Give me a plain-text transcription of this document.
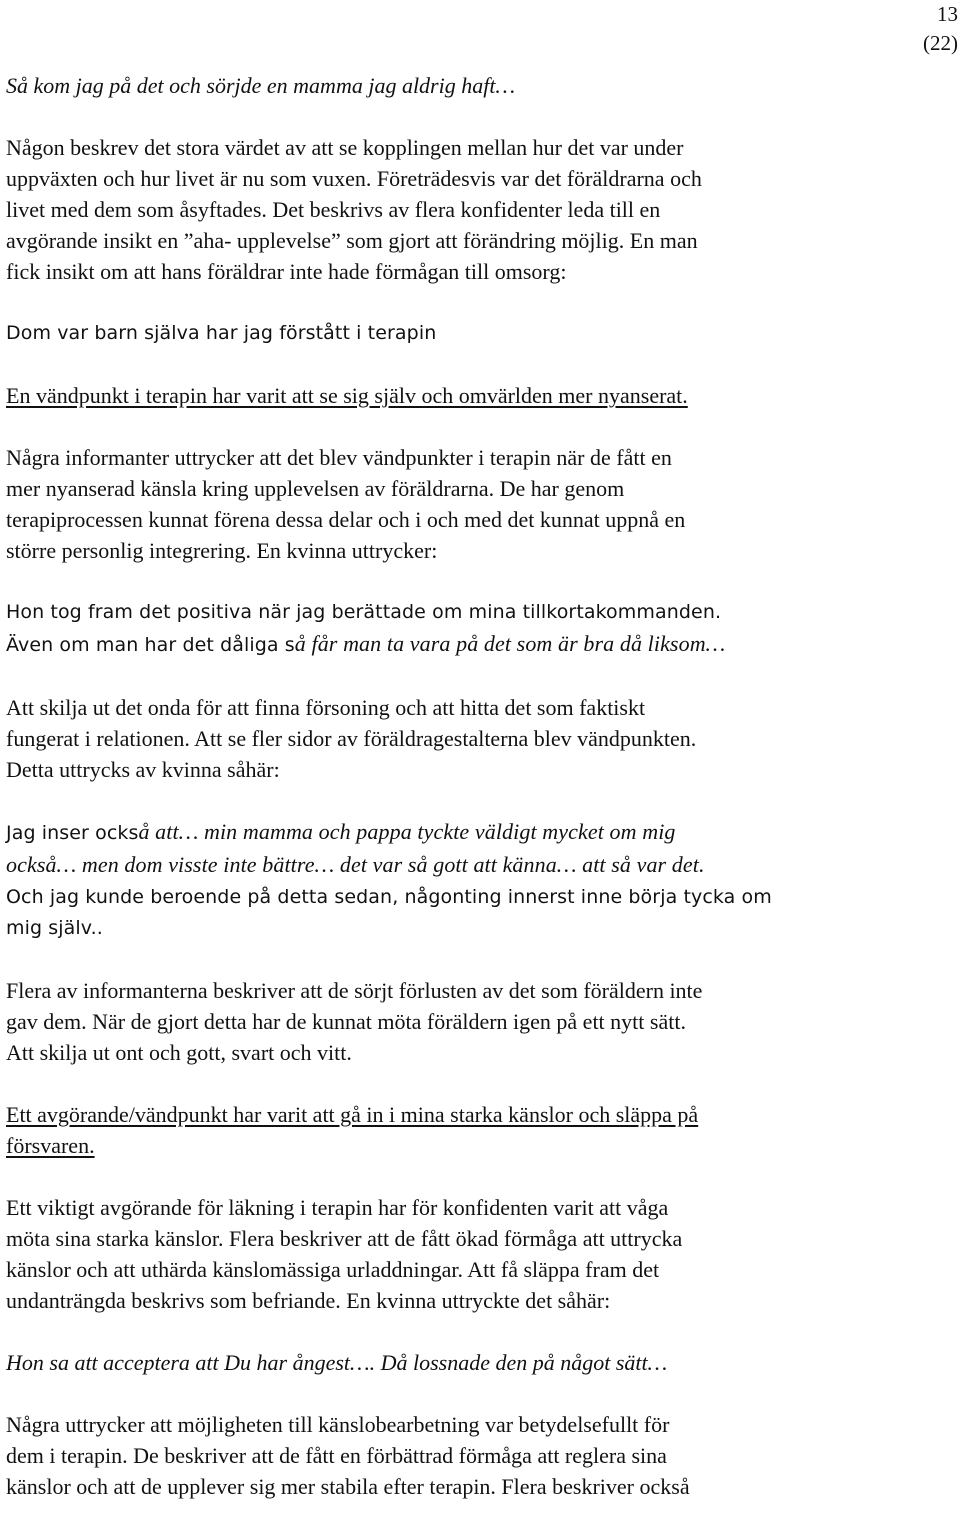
13
(22)
Så kom jag på det och sörjde en mamma jag aldrig haft…
Någon beskrev det stora värdet av att se kopplingen mellan hur det var under
uppväxten och hur livet är nu som vuxen. Företrädesvis var det föräldrarna och
livet med dem som åsyftades. Det beskrivs av flera konfidenter leda till en
avgörande insikt en ”aha- upplevelse” som gjort att förändring möjlig. En man
fick insikt om att hans föräldrar inte hade förmågan till omsorg:
Dom var barn själva har jag förstått i terapin
En vändpunkt i terapin har varit att se sig själv och omvärlden mer nyanserat.
Några informanter uttrycker att det blev vändpunkter i terapin när de fått en
mer nyanserad känsla kring upplevelsen av föräldrarna. De har genom
terapiprocessen kunnat förena dessa delar och i och med det kunnat uppnå en
större personlig integrering. En kvinna uttrycker:
Hon tog fram det positiva när jag berättade om mina tillkortakommanden.
Även om man har det dåliga så får man ta vara på det som är bra då liksom…
Att skilja ut det onda för att finna försoning och att hitta det som faktiskt
fungerat i relationen. Att se fler sidor av föräldragestalterna blev vändpunkten.
Detta uttrycks av kvinna såhär:
Jag inser också att… min mamma och pappa tyckte väldigt mycket om mig
också… men dom visste inte bättre… det var så gott att känna… att så var det.
Och jag kunde beroende på detta sedan, någonting innerst inne börja tycka om
mig själv..
Flera av informanterna beskriver att de sörjt förlusten av det som föräldern inte
gav dem. När de gjort detta har de kunnat möta föräldern igen på ett nytt sätt.
Att skilja ut ont och gott, svart och vitt.
Ett avgörande/vändpunkt har varit att gå in i mina starka känslor och släppa på
försvaren.
Ett viktigt avgörande för läkning i terapin har för konfidenten varit att våga
möta sina starka känslor. Flera beskriver att de fått ökad förmåga att uttrycka
känslor och att uthärda känslomässiga urladdningar. Att få släppa fram det
undanträngda beskrivs som befriande. En kvinna uttryckte det såhär:
Hon sa att acceptera att Du har ångest…. Då lossnade den på något sätt…
Några uttrycker att möjligheten till känslobearbetning var betydelsefullt för
dem i terapin. De beskriver att de fått en förbättrad förmåga att reglera sina
känslor och att de upplever sig mer stabila efter terapin. Flera beskriver också
